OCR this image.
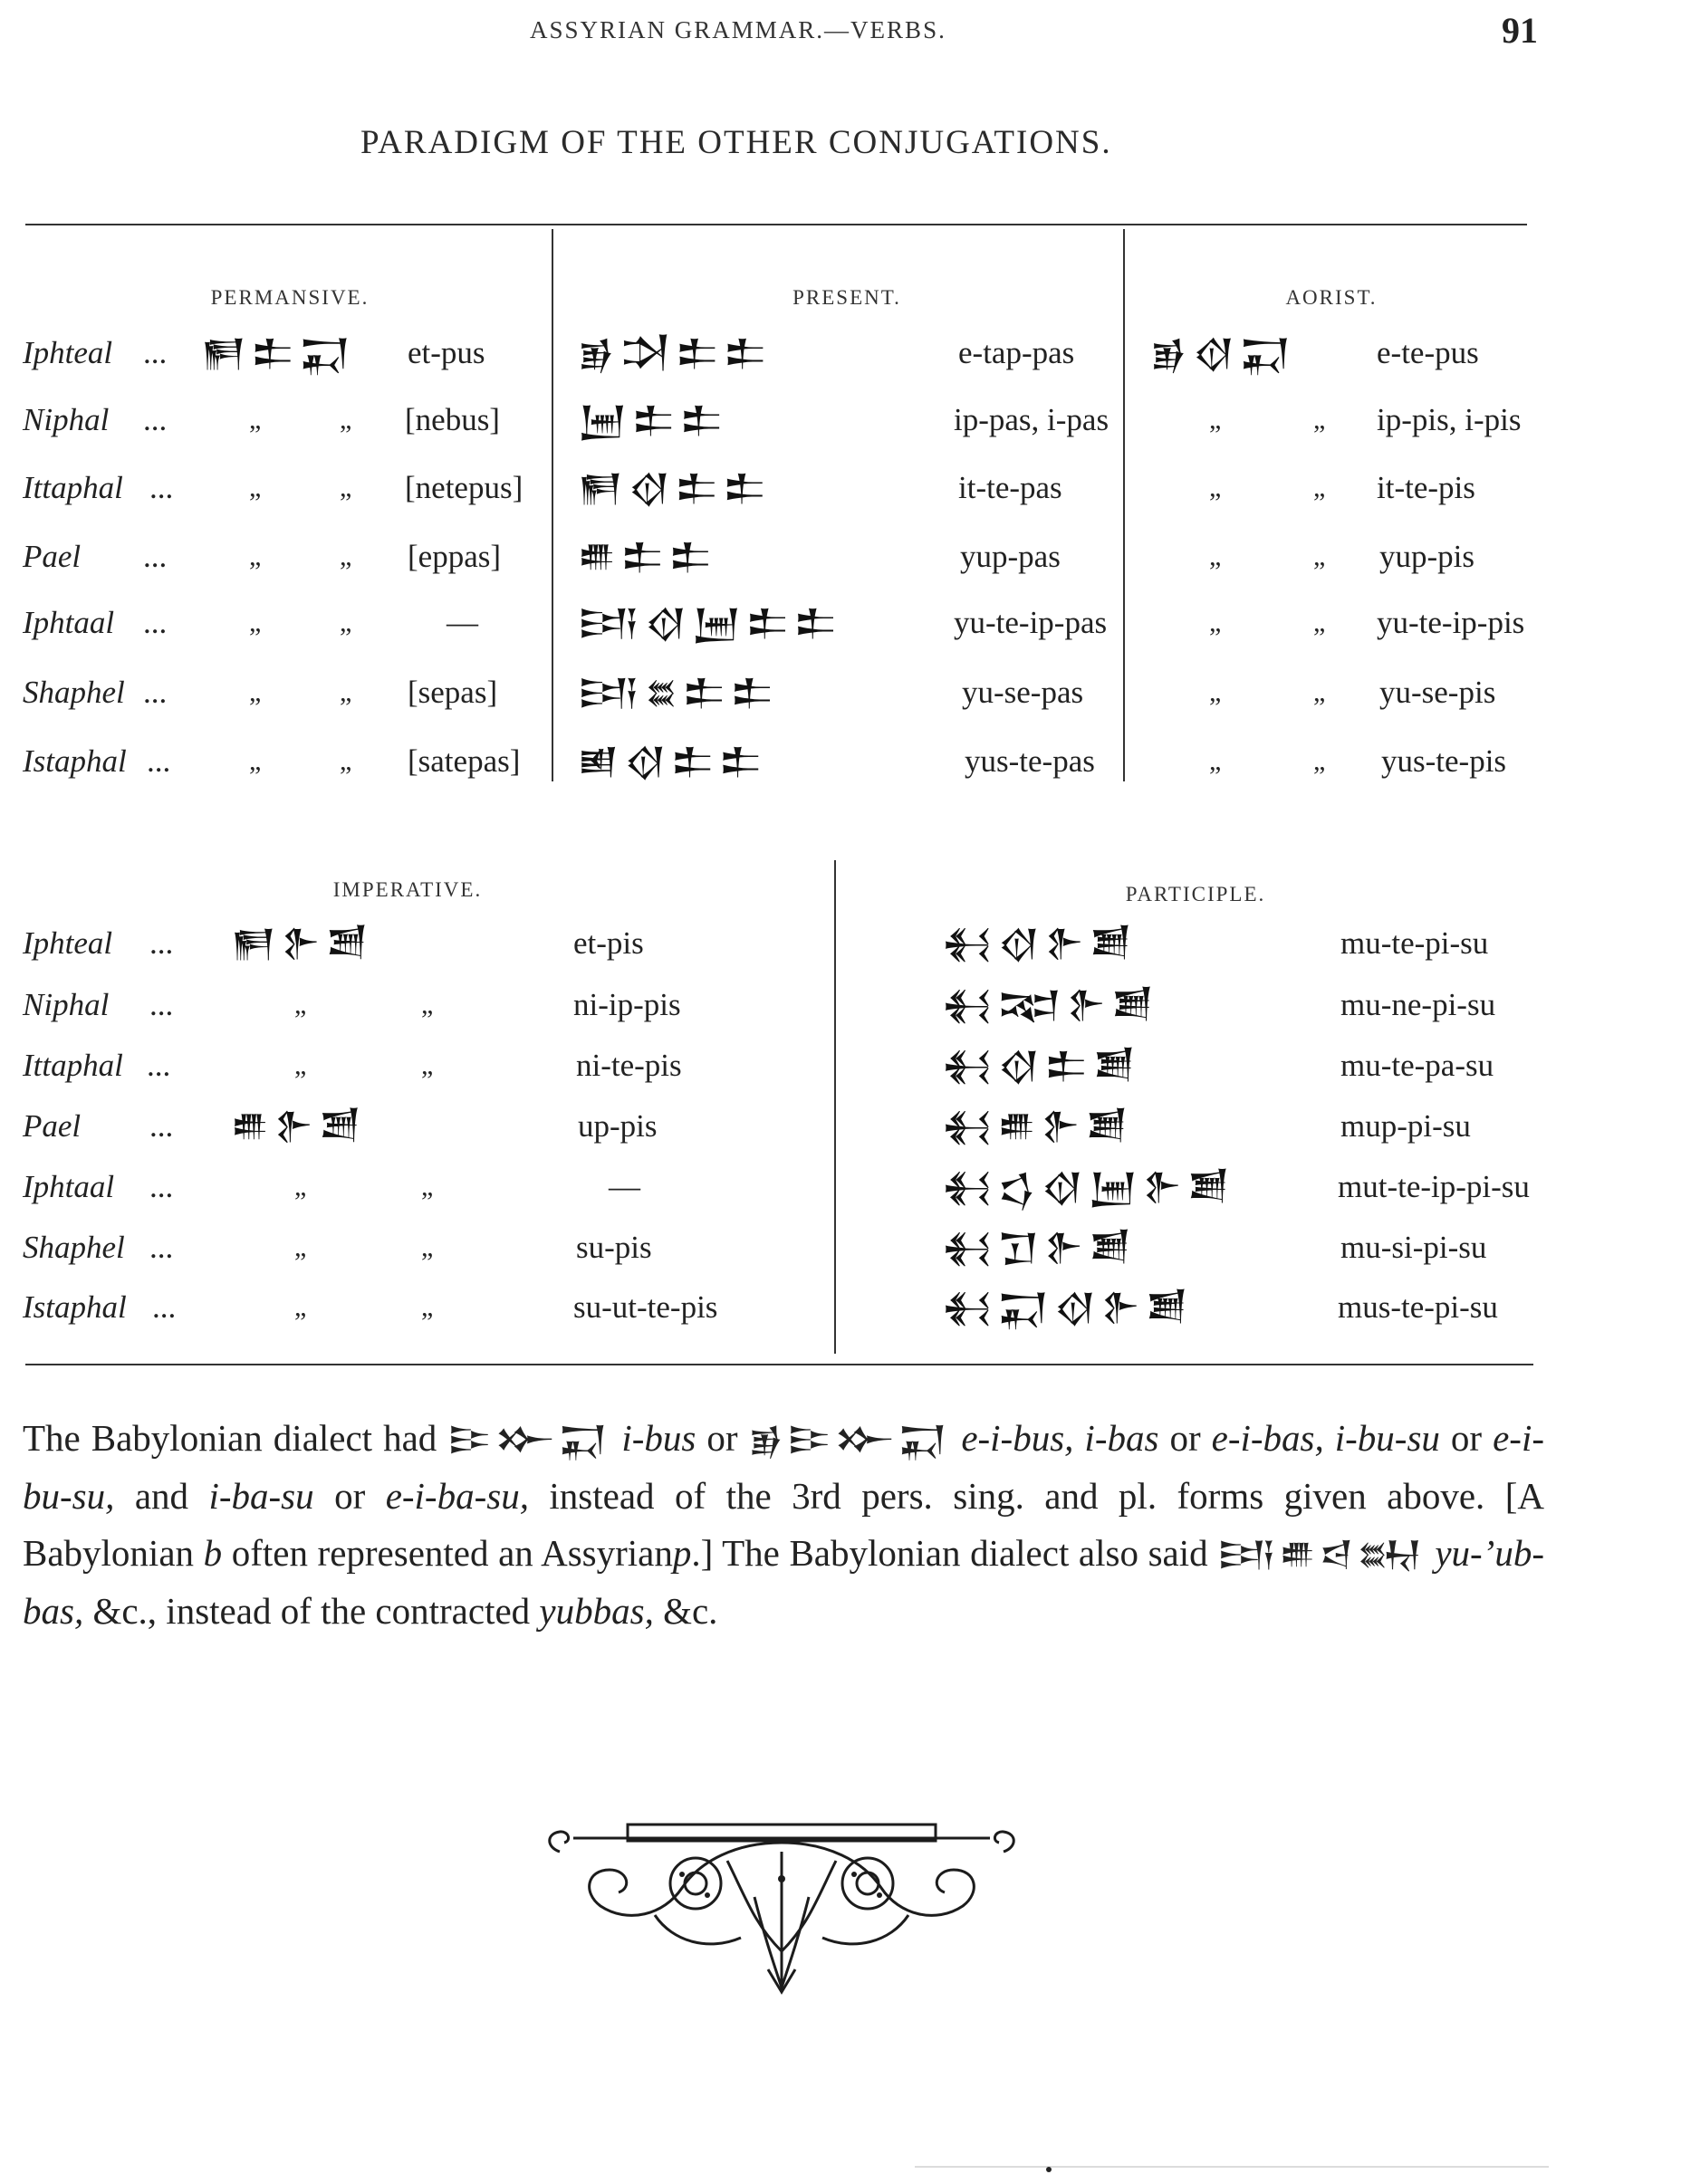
ASSYRIAN GRAMMAR.—VERBS.	91
PARADIGM OF THE OTHER CONJUGATIONS.
PERMANSIVE.	PRESENT.	AORIST.
Iphteal ... 𒂍𒉺𒍑 et-pus	𒂊𒋫𒉺𒉺	e-tap-pas 𒂊𒋼𒍑	e-te-pus
Niphal ...	„	„ [nebus] 𒅁𒉺𒉺	ip-pas, i-pas	„	„ ip-pis, i-pis
Ittaphal ...	„	„ [netepus] 𒂍𒋼𒉺𒉺	it-te-pas	„	„ it-te-pis
Pael ...	„	„ [eppas] 𒌑𒉺𒉺	yup-pas	„	„ yup-pis
Iphtaal ...	„	„	—	𒅀𒋼𒅁𒉺𒉺	yu-te-ip-pas	„	„ yu-te-ip-pis
Shaphel ...	„	„ [sepas] 𒅀𒊺𒉺𒉺	yu-se-pas	„	„ yu-se-pis
Istaphal ...	„	„ [satepas] 𒅖𒋼𒉺𒉺	yus-te-pas	„	„ yus-te-pis
IMPERATIVE.	PARTICIPLE.
Iphteal ... 𒂍𒉿𒍪	et-pis	𒈬𒋼𒉿𒋢	mu-te-pi-su
Niphal ...	„	„	ni-ip-pis	𒈬𒉈𒉿𒋢	mu-ne-pi-su
Ittaphal ...	„	„	ni-te-pis	𒈬𒋼𒉺𒋢	mu-te-pa-su
Pael ... 𒌑𒉿𒍪	up-pis	𒈬𒌑𒉿𒋢	mup-pi-su
Iphtaal ...	„	„	—	𒈬𒌓𒋼𒅁𒉿𒋢	mut-te-ip-pi-su
Shaphel ...	„	„	su-pis	𒈬𒋛𒉿𒋢	mu-si-pi-su
Istaphal ...	„	„	su-ut-te-pis	𒈬𒍑𒋼𒉿𒋢	mus-te-pi-su

The Babylonian dialect had 𒄿𒁍𒍑 i-bus or 𒂊𒄿𒁍𒍑 e-i-bus, i-bas or e-i-bas, i-bu-su or e-i-bu-su, and i-ba-su or e-i-ba-su, instead of the 3rd pers. sing. and pl. forms given above. [A Babylonian b often represented an Assyrianp.] The Babylonian dialect also said 𒅀𒌑𒁀𒊻 yu-’ub-bas, &c., instead of the contracted yubbas, &c.
